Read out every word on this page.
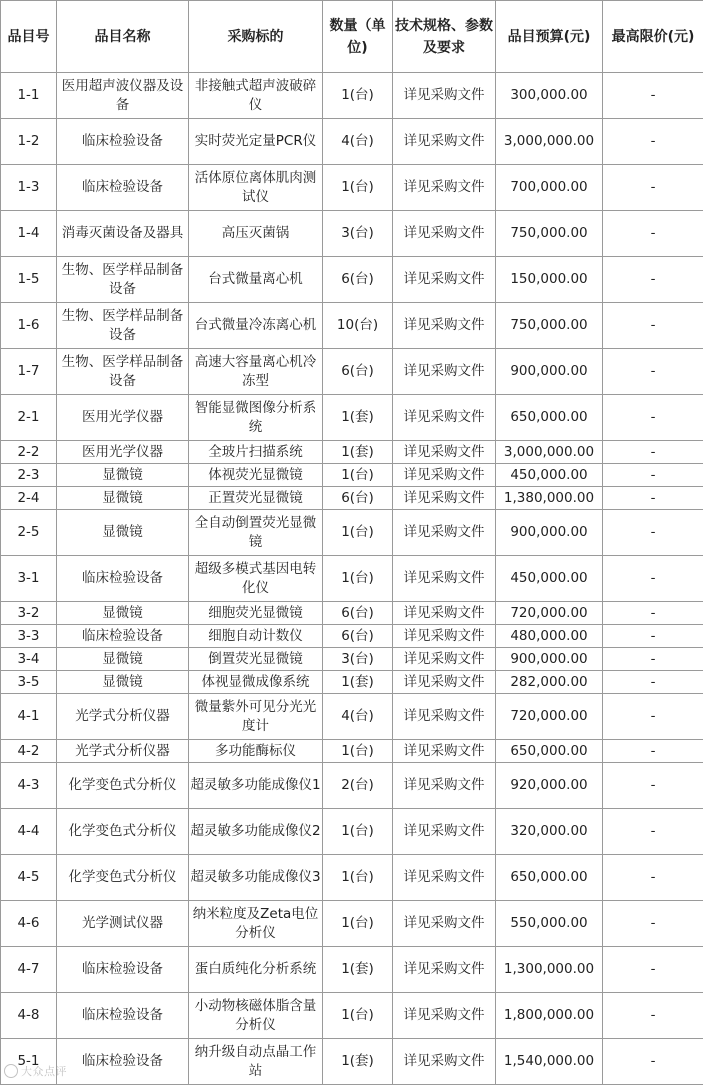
品目号	品目名称	采购标的	数量（单位)	技术规格、参数及要求	品目预算(元)	最高限价(元)
1-1	医用超声波仪器及设备	非接触式超声波破碎仪	1(台)	详见采购文件	300,000.00	-
1-2	临床检验设备	实时荧光定量PCR仪	4(台)	详见采购文件	3,000,000.00	-
1-3	临床检验设备	活体原位离体肌肉测试仪	1(台)	详见采购文件	700,000.00	-
1-4	消毒灭菌设备及器具	高压灭菌锅	3(台)	详见采购文件	750,000.00	-
1-5	生物、医学样品制备设备	台式微量离心机	6(台)	详见采购文件	150,000.00	-
1-6	生物、医学样品制备设备	台式微量冷冻离心机	10(台)	详见采购文件	750,000.00	-
1-7	生物、医学样品制备设备	高速大容量离心机冷冻型	6(台)	详见采购文件	900,000.00	-
2-1	医用光学仪器	智能显微图像分析系统	1(套)	详见采购文件	650,000.00	-
2-2	医用光学仪器	全玻片扫描系统	1(套)	详见采购文件	3,000,000.00	-
2-3	显微镜	体视荧光显微镜	1(台)	详见采购文件	450,000.00	-
2-4	显微镜	正置荧光显微镜	6(台)	详见采购文件	1,380,000.00	-
2-5	显微镜	全自动倒置荧光显微镜	1(台)	详见采购文件	900,000.00	-
3-1	临床检验设备	超级多模式基因电转化仪	1(台)	详见采购文件	450,000.00	-
3-2	显微镜	细胞荧光显微镜	6(台)	详见采购文件	720,000.00	-
3-3	临床检验设备	细胞自动计数仪	6(台)	详见采购文件	480,000.00	-
3-4	显微镜	倒置荧光显微镜	3(台)	详见采购文件	900,000.00	-
3-5	显微镜	体视显微成像系统	1(套)	详见采购文件	282,000.00	-
4-1	光学式分析仪器	微量紫外可见分光光度计	4(台)	详见采购文件	720,000.00	-
4-2	光学式分析仪器	多功能酶标仪	1(台)	详见采购文件	650,000.00	-
4-3	化学变色式分析仪	超灵敏多功能成像仪1	2(台)	详见采购文件	920,000.00	-
4-4	化学变色式分析仪	超灵敏多功能成像仪2	1(台)	详见采购文件	320,000.00	-
4-5	化学变色式分析仪	超灵敏多功能成像仪3	1(台)	详见采购文件	650,000.00	-
4-6	光学测试仪器	纳米粒度及Zeta电位分析仪	1(台)	详见采购文件	550,000.00	-
4-7	临床检验设备	蛋白质纯化分析系统	1(套)	详见采购文件	1,300,000.00	-
4-8	临床检验设备	小动物核磁体脂含量分析仪	1(台)	详见采购文件	1,800,000.00	-
5-1	临床检验设备	纳升级自动点晶工作站	1(套)	详见采购文件	1,540,000.00	-
大众点评
